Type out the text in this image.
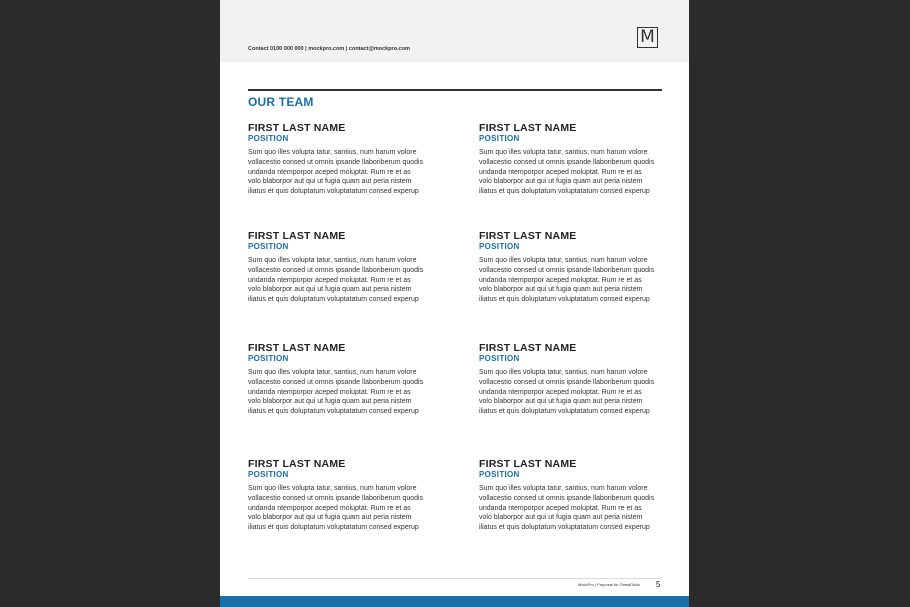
Contact 0100 000 000 | mockpro.com | contact@mockpro.com
M
OUR TEAM
FIRST LAST NAME
POSITION
Sum quo illes volupta tatur, santius, num harum volore
vollacestio consed ut omnis ipsande llaboriberum quodis
undanda ntemporpor aceped moluptat. Rum re et as
volo blaborpor aut qui ut fugia quam aut peria nistem
iliatus et quis doluptatum voluptatatum consed experup
FIRST LAST NAME
POSITION
Sum quo illes volupta tatur, santius, num harum volore
vollacestio consed ut omnis ipsande llaboriberum quodis
undanda ntemporpor aceped moluptat. Rum re et as
volo blaborpor aut qui ut fugia quam aut peria nistem
iliatus et quis doluptatum voluptatatum consed experup
FIRST LAST NAME
POSITION
Sum quo illes volupta tatur, santius, num harum volore
vollacestio consed ut omnis ipsande llaboriberum quodis
undanda ntemporpor aceped moluptat. Rum re et as
volo blaborpor aut qui ut fugia quam aut peria nistem
iliatus et quis doluptatum voluptatatum consed experup
FIRST LAST NAME
POSITION
Sum quo illes volupta tatur, santius, num harum volore
vollacestio consed ut omnis ipsande llaboriberum quodis
undanda ntemporpor aceped moluptat. Rum re et as
volo blaborpor aut qui ut fugia quam aut peria nistem
iliatus et quis doluptatum voluptatatum consed experup
FIRST LAST NAME
POSITION
Sum quo illes volupta tatur, santius, num harum volore
vollacestio consed ut omnis ipsande llaboriberum quodis
undanda ntemporpor aceped moluptat. Rum re et as
volo blaborpor aut qui ut fugia quam aut peria nistem
iliatus et quis doluptatum voluptatatum consed experup
FIRST LAST NAME
POSITION
Sum quo illes volupta tatur, santius, num harum volore
vollacestio consed ut omnis ipsande llaboriberum quodis
undanda ntemporpor aceped moluptat. Rum re et as
volo blaborpor aut qui ut fugia quam aut peria nistem
iliatus et quis doluptatum voluptatatum consed experup
FIRST LAST NAME
POSITION
Sum quo illes volupta tatur, santius, num harum volore
vollacestio consed ut omnis ipsande llaboriberum quodis
undanda ntemporpor aceped moluptat. Rum re et as
volo blaborpor aut qui ut fugia quam aut peria nistem
iliatus et quis doluptatum voluptatatum consed experup
FIRST LAST NAME
POSITION
Sum quo illes volupta tatur, santius, num harum volore
vollacestio consed ut omnis ipsande llaboriberum quodis
undanda ntemporpor aceped moluptat. Rum re et as
volo blaborpor aut qui ut fugia quam aut peria nistem
iliatus et quis doluptatum voluptatatum consed experup
MockPro | Proposal for OwedOdds 5
